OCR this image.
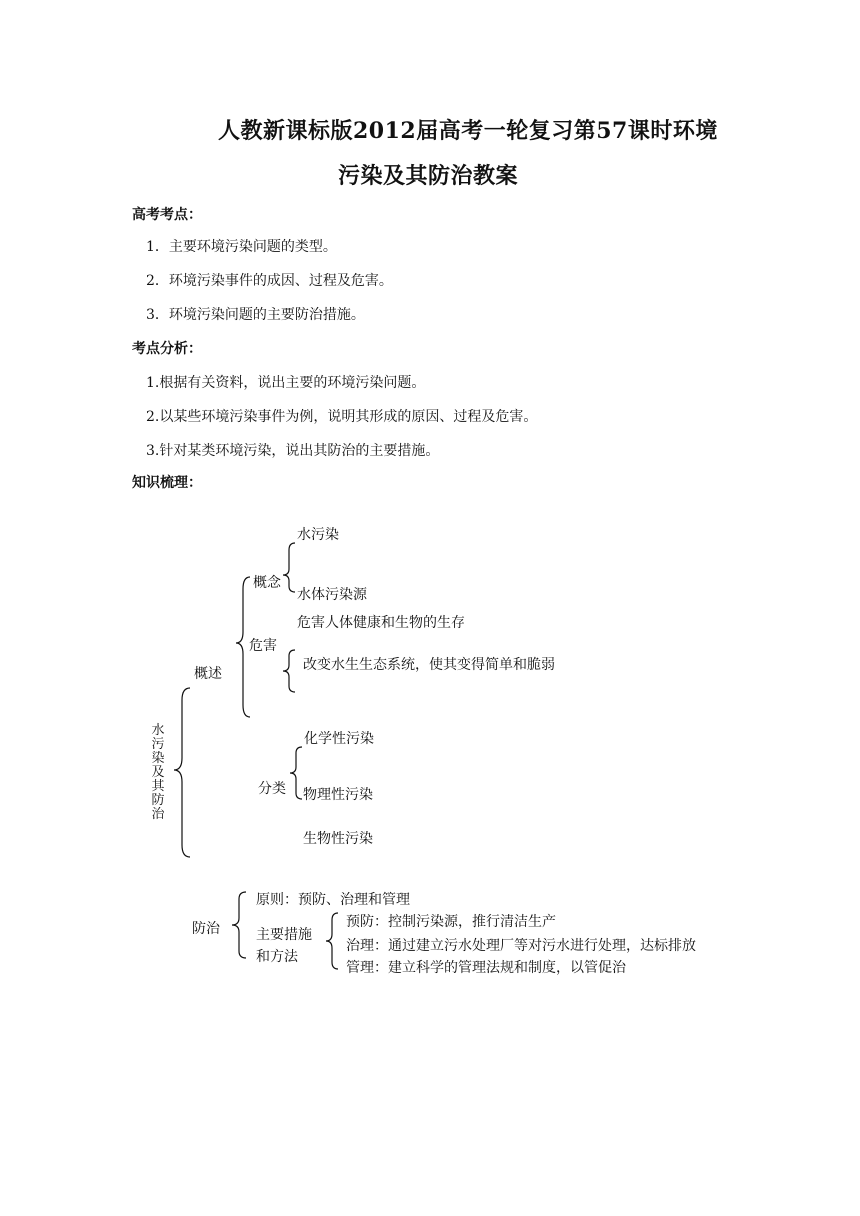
人教新课标版2012届高考一轮复习第57课时环境
污染及其防治教案

高考考点：

1．主要环境污染问题的类型。

2．环境污染事件的成因、过程及危害。

3．环境污染问题的主要防治措施。

考点分析：

1.根据有关资料，说出主要的环境污染问题。

2.以某些环境污染事件为例，说明其形成的原因、过程及危害。

3.针对某类环境污染，说出其防治的主要措施。

知识梳理：

水污染及其防治
概述
概念
水污染
水体污染源
危害
危害人体健康和生物的生存
改变水生生态系统，使其变得简单和脆弱
分类
化学性污染
物理性污染
生物性污染
防治
原则：预防、治理和管理
主要措施
和方法
预防：控制污染源，推行清洁生产
治理：通过建立污水处理厂等对污水进行处理，达标排放
管理：建立科学的管理法规和制度，以管促治
